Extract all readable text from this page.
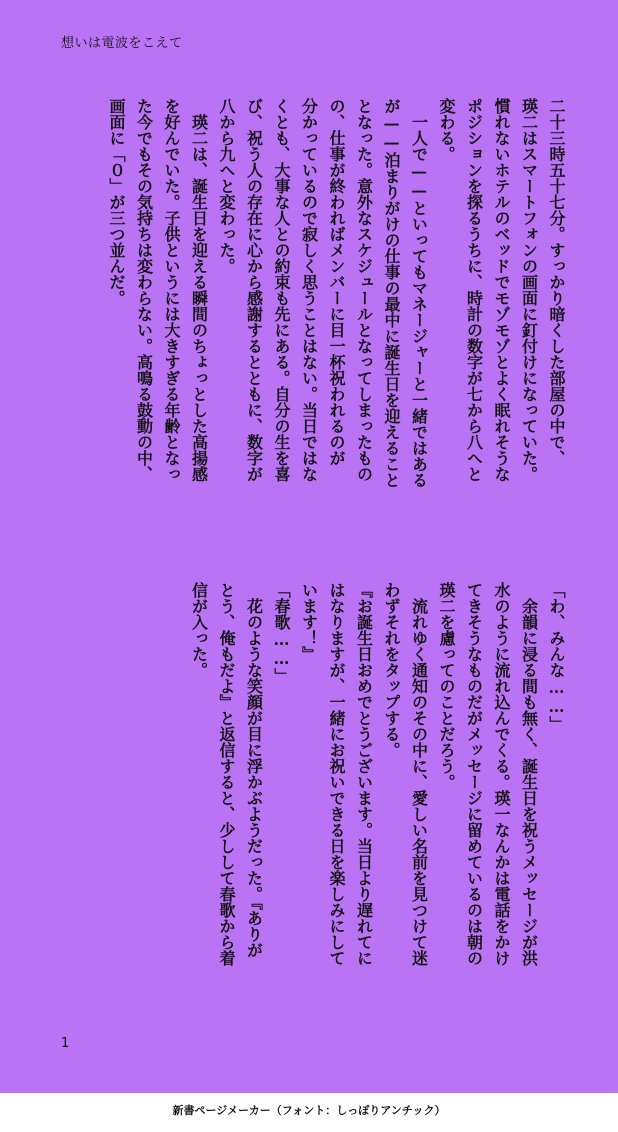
想いは電波をこえて

二十三時五十七分。すっかり暗くした部屋の中で、

瑛二はスマートフォンの画面に釘付けになっていた。

慣れないホテルのベッドでモゾモゾとよく眠れそうな

ポジションを探るうちに、時計の数字が七から八へと

変わる。

一人で——といってもマネージャーと一緒ではある

が——泊まりがけの仕事の最中に誕生日を迎えること

となった。意外なスケジュールとなってしまったもの

の、仕事が終わればメンバーに目一杯祝われるのが

分かっているので寂しく思うことはない。当日ではな

くとも、大事な人との約束も先にある。自分の生を喜

び、祝う人の存在に心から感謝するとともに、数字が

八から九へと変わった。

瑛二は、誕生日を迎える瞬間のちょっとした高揚感

を好んでいた。子供というには大きすぎる年齢となっ

た今でもその気持ちは変わらない。高鳴る鼓動の中、

画面に「０」が三つ並んだ。

「わ、みんな……」

余韻に浸る間も無く、誕生日を祝うメッセージが洪

水のように流れ込んでくる。瑛一なんかは電話をかけ

てきそうなものだがメッセージに留めているのは朝の

瑛二を慮ってのことだろう。

流れゆく通知のその中に、愛しい名前を見つけて迷

わずそれをタップする。

『お誕生日おめでとうございます。当日より遅れてに

はなりますが、一緒にお祝いできる日を楽しみにして

います！』

「春歌……」

花のような笑顔が目に浮かぶようだった。『ありが

とう、俺もだよ』と返信すると、少しして春歌から着

信が入った。

1
新書ページメーカー（フォント：しっぽりアンチック）
